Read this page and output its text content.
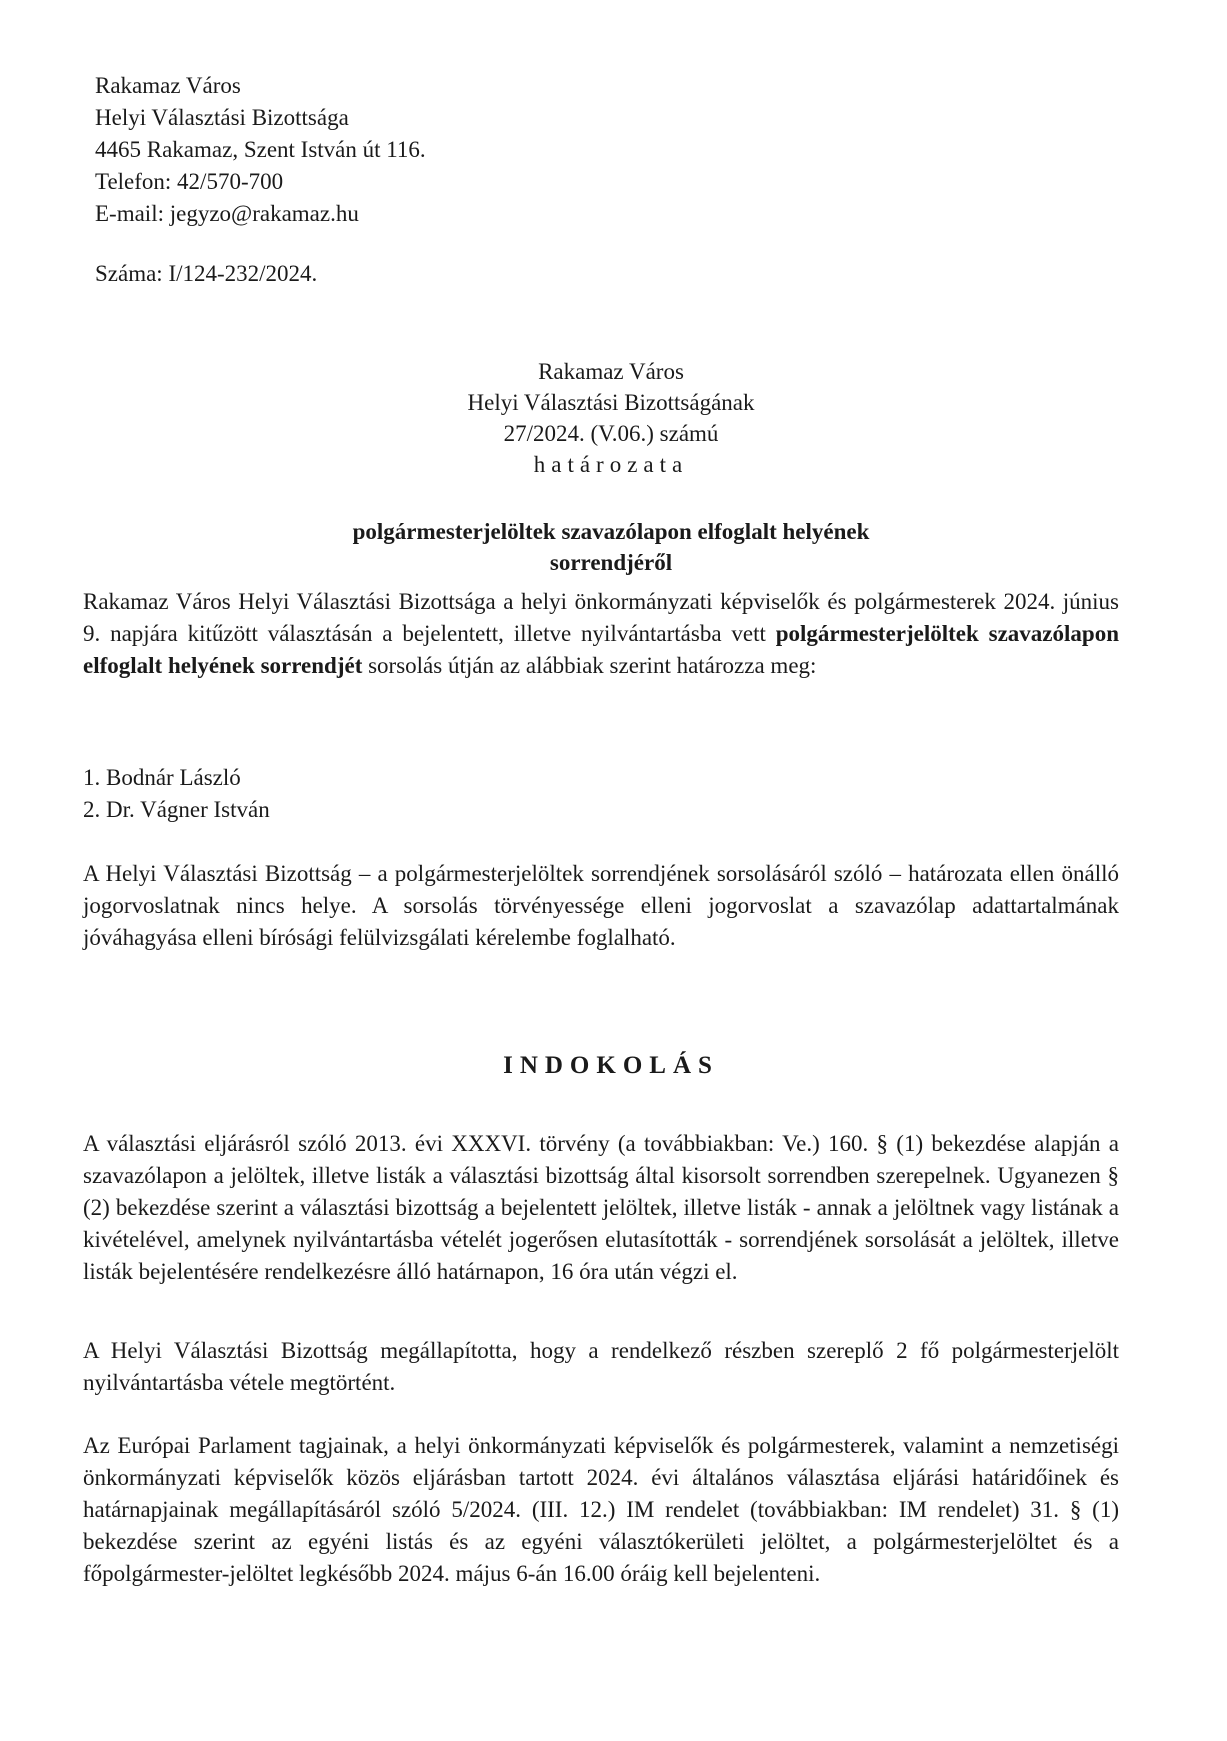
Rakamaz Város
Helyi Választási Bizottsága
4465 Rakamaz, Szent István út 116.
Telefon: 42/570-700
E-mail: jegyzo@rakamaz.hu
Száma: I/124-232/2024.
Rakamaz Város
Helyi Választási Bizottságának
27/2024. (V.06.) számú
határozata
polgármesterjelöltek szavazólapon elfoglalt helyének
sorrendjéről

Rakamaz Város Helyi Választási Bizottsága a helyi önkormányzati képviselők és polgármesterek 2024. június 9. napjára kitűzött választásán a bejelentett, illetve nyilvántartásba vett polgármesterjelöltek szavazólapon elfoglalt helyének sorrendjét sorsolás útján az alábbiak szerint határozza meg:

1. Bodnár László
2. Dr. Vágner István

A Helyi Választási Bizottság – a polgármesterjelöltek sorrendjének sorsolásáról szóló – határozata ellen önálló jogorvoslatnak nincs helye. A sorsolás törvényessége elleni jogorvoslat a szavazólap adattartalmának jóváhagyása elleni bírósági felülvizsgálati kérelembe foglalható.

INDOKOLÁS

A választási eljárásról szóló 2013. évi XXXVI. törvény (a továbbiakban: Ve.) 160. § (1) bekezdése alapján a szavazólapon a jelöltek, illetve listák a választási bizottság által kisorsolt sorrendben szerepelnek. Ugyanezen § (2) bekezdése szerint a választási bizottság a bejelentett jelöltek, illetve listák - annak a jelöltnek vagy listának a kivételével, amelynek nyilvántartásba vételét jogerősen elutasították - sorrendjének sorsolását a jelöltek, illetve listák bejelentésére rendelkezésre álló határnapon, 16 óra után végzi el.

A Helyi Választási Bizottság megállapította, hogy a rendelkező részben szereplő 2 fő polgármesterjelölt nyilvántartásba vétele megtörtént.

Az Európai Parlament tagjainak, a helyi önkormányzati képviselők és polgármesterek, valamint a nemzetiségi önkormányzati képviselők közös eljárásban tartott 2024. évi általános választása eljárási határidőinek és határnapjainak megállapításáról szóló 5/2024. (III. 12.) IM rendelet (továbbiakban: IM rendelet) 31. § (1) bekezdése szerint az egyéni listás és az egyéni választókerületi jelöltet, a polgármesterjelöltet és a főpolgármester-jelöltet legkésőbb 2024. május 6-án 16.00 óráig kell bejelenteni.
